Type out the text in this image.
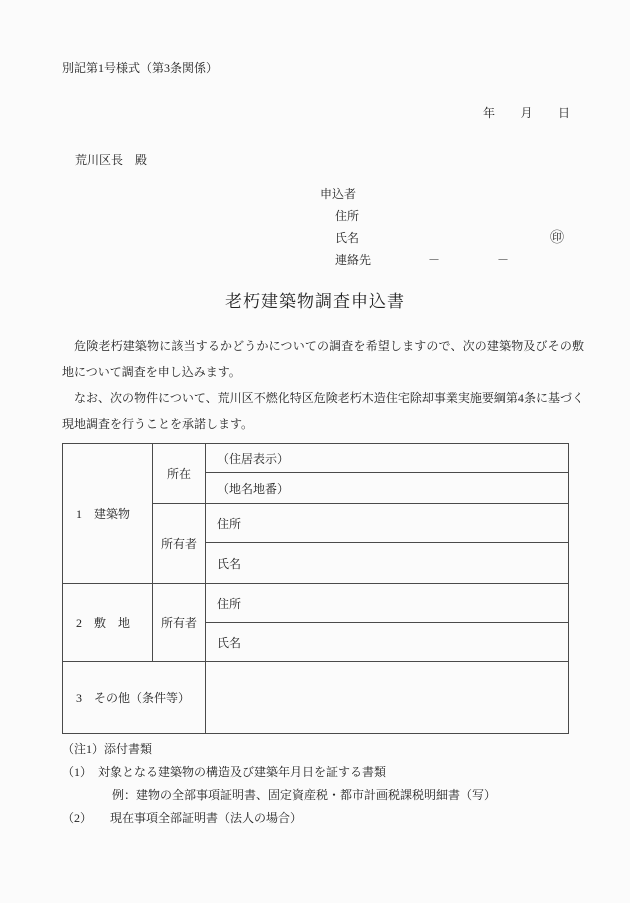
別記第1号様式（第3条関係）
年 月 日
荒川区長　殿
申込者
住所
氏名	㊞
連絡先	－	－
老朽建築物調査申込書

　危険老朽建築物に該当するかどうかについての調査を希望しますので、次の建築物及びその敷地について調査を申し込みます。

　なお、次の物件について、荒川区不燃化特区危険老朽木造住宅除却事業実施要綱第4条に基づく現地調査を行うことを承諾します。

1　建築物	所在	（住居表示）
		（地名地番）
	所有者	住所
		氏名
2　敷　地	所有者	住所
		氏名
3　その他（条件等）		
（注1）添付書類
（1）　対象となる建築物の構造及び建築年月日を証する書類
例：建物の全部事項証明書、固定資産税・都市計画税課税明細書（写）
（2）　　現在事項全部証明書（法人の場合）
